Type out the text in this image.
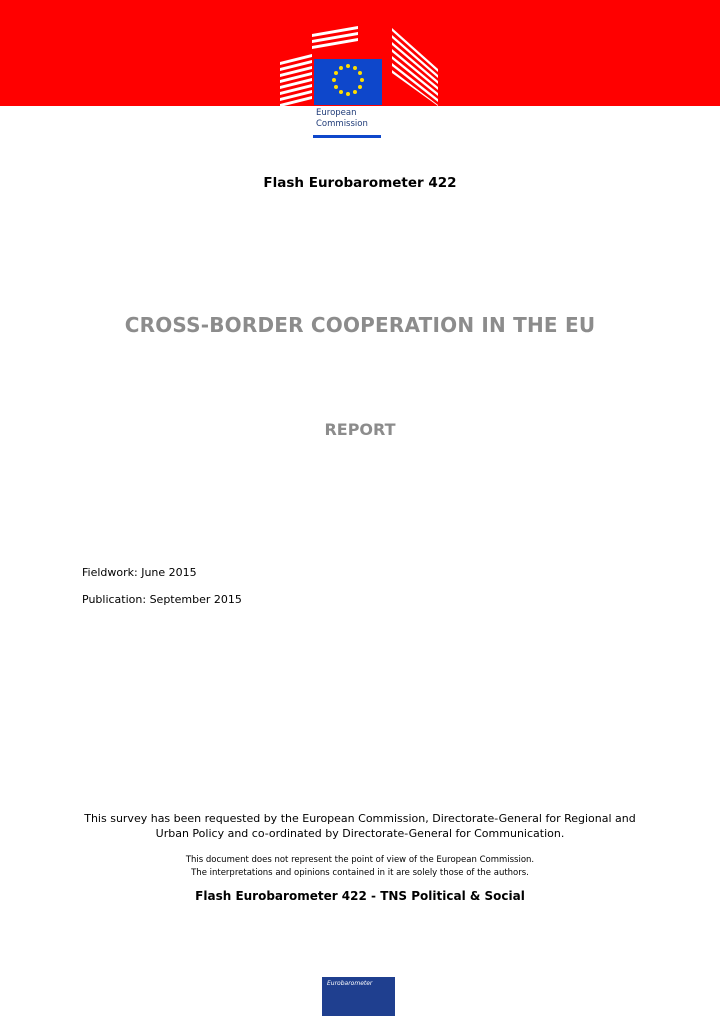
European
Commission
Flash Eurobarometer 422
CROSS-BORDER COOPERATION IN THE EU
REPORT
Fieldwork: June 2015
Publication: September 2015
This survey has been requested by the European Commission, Directorate-General for Regional and Urban Policy and co-ordinated by Directorate-General for Communication.
This document does not represent the point of view of the European Commission.
The interpretations and opinions contained in it are solely those of the authors.
Flash Eurobarometer 422 - TNS Political & Social
Eurobarometer
